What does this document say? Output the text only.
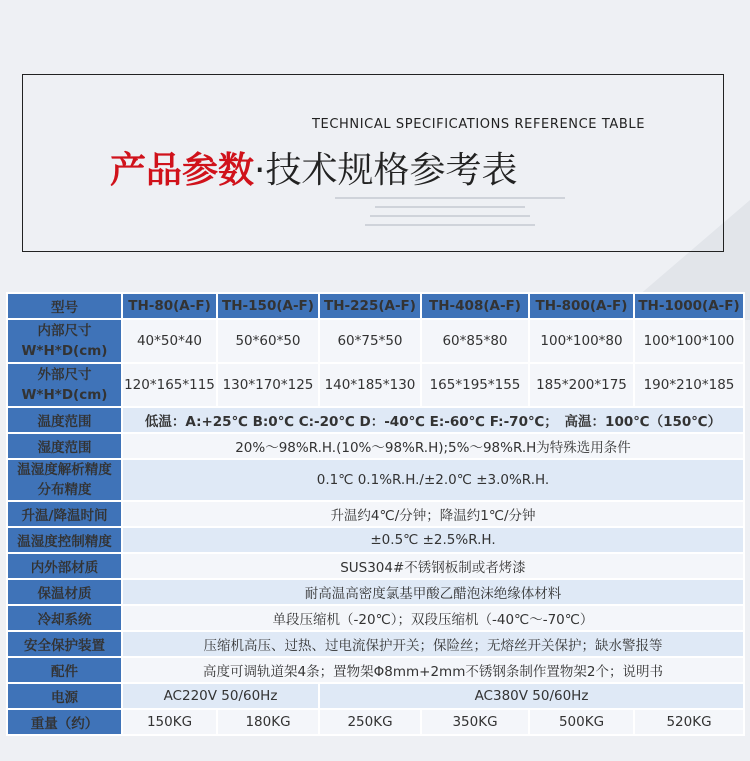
TECHNICAL SPECIFICATIONS REFERENCE TABLE
产品参数·技术规格参考表
型号	TH-80(A-F)	TH-150(A-F)	TH-225(A-F)	TH-408(A-F)	TH-800(A-F)	TH-1000(A-F)
内部尺寸
W*H*D(cm)	40*50*40	50*60*50	60*75*50	60*85*80	100*100*80	100*100*100
外部尺寸
W*H*D(cm)	120*165*115	130*170*125	140*185*130	165*195*155	185*200*175	190*210*185
温度范围	低温：A:+25℃ B:0℃ C:-20℃ D：-40℃ E:-60℃ F:-70℃；　高温：100℃（150℃）					
湿度范围	20%～98%R.H.(10%～98%R.H);5%～98%R.H为特殊选用条件					
温湿度解析精度
分布精度	0.1℃ 0.1%R.H./±2.0℃ ±3.0%R.H.					
升温/降温时间	升温约4℃/分钟；降温约1℃/分钟					
温湿度控制精度	±0.5℃ ±2.5%R.H.					
内外部材质	SUS304#不锈钢板制或者烤漆					
保温材质	耐高温高密度氯基甲酸乙醋泡沫绝缘体材料					
冷却系统	单段压缩机（-20℃）；双段压缩机（-40℃～-70℃）					
安全保护装置	压缩机高压、过热、过电流保护开关；保险丝；无熔丝开关保护；缺水警报等					
配件	高度可调轨道架4条；置物架Φ8mm+2mm不锈钢条制作置物架2个；说明书					
电源	AC220V 50/60Hz		AC380V 50/60Hz			
重量（约）	150KG	180KG	250KG	350KG	500KG	520KG
